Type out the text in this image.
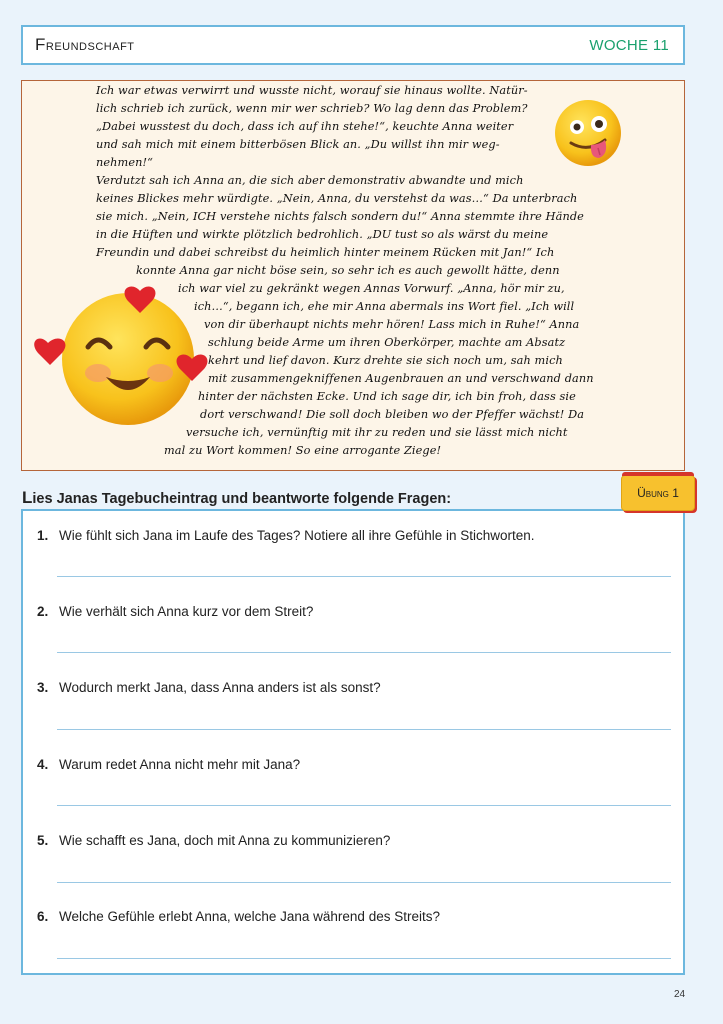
Freundschaft	WOCHE 11
Ich war etwas verwirrt und wusste nicht, worauf sie hinaus wollte. Natür-
lich schrieb ich zurück, wenn mir wer schrieb? Wo lag denn das Problem?
„Dabei wusstest du doch, dass ich auf ihn stehe!“, keuchte Anna weiter
und sah mich mit einem bitterbösen Blick an. „Du willst ihn mir weg-
nehmen!“
Verdutzt sah ich Anna an, die sich aber demonstrativ abwandte und mich
keines Blickes mehr würdigte. „Nein, Anna, du verstehst da was…“ Da unterbrach
sie mich. „Nein, ICH verstehe nichts falsch sondern du!“ Anna stemmte ihre Hände
in die Hüften und wirkte plötzlich bedrohlich. „DU tust so als wärst du meine
Freundin und dabei schreibst du heimlich hinter meinem Rücken mit Jan!“ Ich
konnte Anna gar nicht böse sein, so sehr ich es auch gewollt hätte, denn
ich war viel zu gekränkt wegen Annas Vorwurf. „Anna, hör mir zu,
ich…“, begann ich, ehe mir Anna abermals ins Wort fiel. „Ich will
von dir überhaupt nichts mehr hören! Lass mich in Ruhe!“ Anna
schlung beide Arme um ihren Oberkörper, machte am Absatz
kehrt und lief davon. Kurz drehte sie sich noch um, sah mich
mit zusammengekniffenen Augenbrauen an und verschwand dann
hinter der nächsten Ecke. Und ich sage dir, ich bin froh, dass sie
dort verschwand! Die soll doch bleiben wo der Pfeffer wächst! Da
versuche ich, vernünftig mit ihr zu reden und sie lässt mich nicht
mal zu Wort kommen! So eine arrogante Ziege!
Lies Janas Tagebucheintrag und beantworte folgende Fragen:	Übung 1
1. Wie fühlt sich Jana im Laufe des Tages? Notiere all ihre Gefühle in Stichworten.
2. Wie verhält sich Anna kurz vor dem Streit?
3. Wodurch merkt Jana, dass Anna anders ist als sonst?
4. Warum redet Anna nicht mehr mit Jana?
5. Wie schafft es Jana, doch mit Anna zu kommunizieren?
6. Welche Gefühle erlebt Anna, welche Jana während des Streits?
24
